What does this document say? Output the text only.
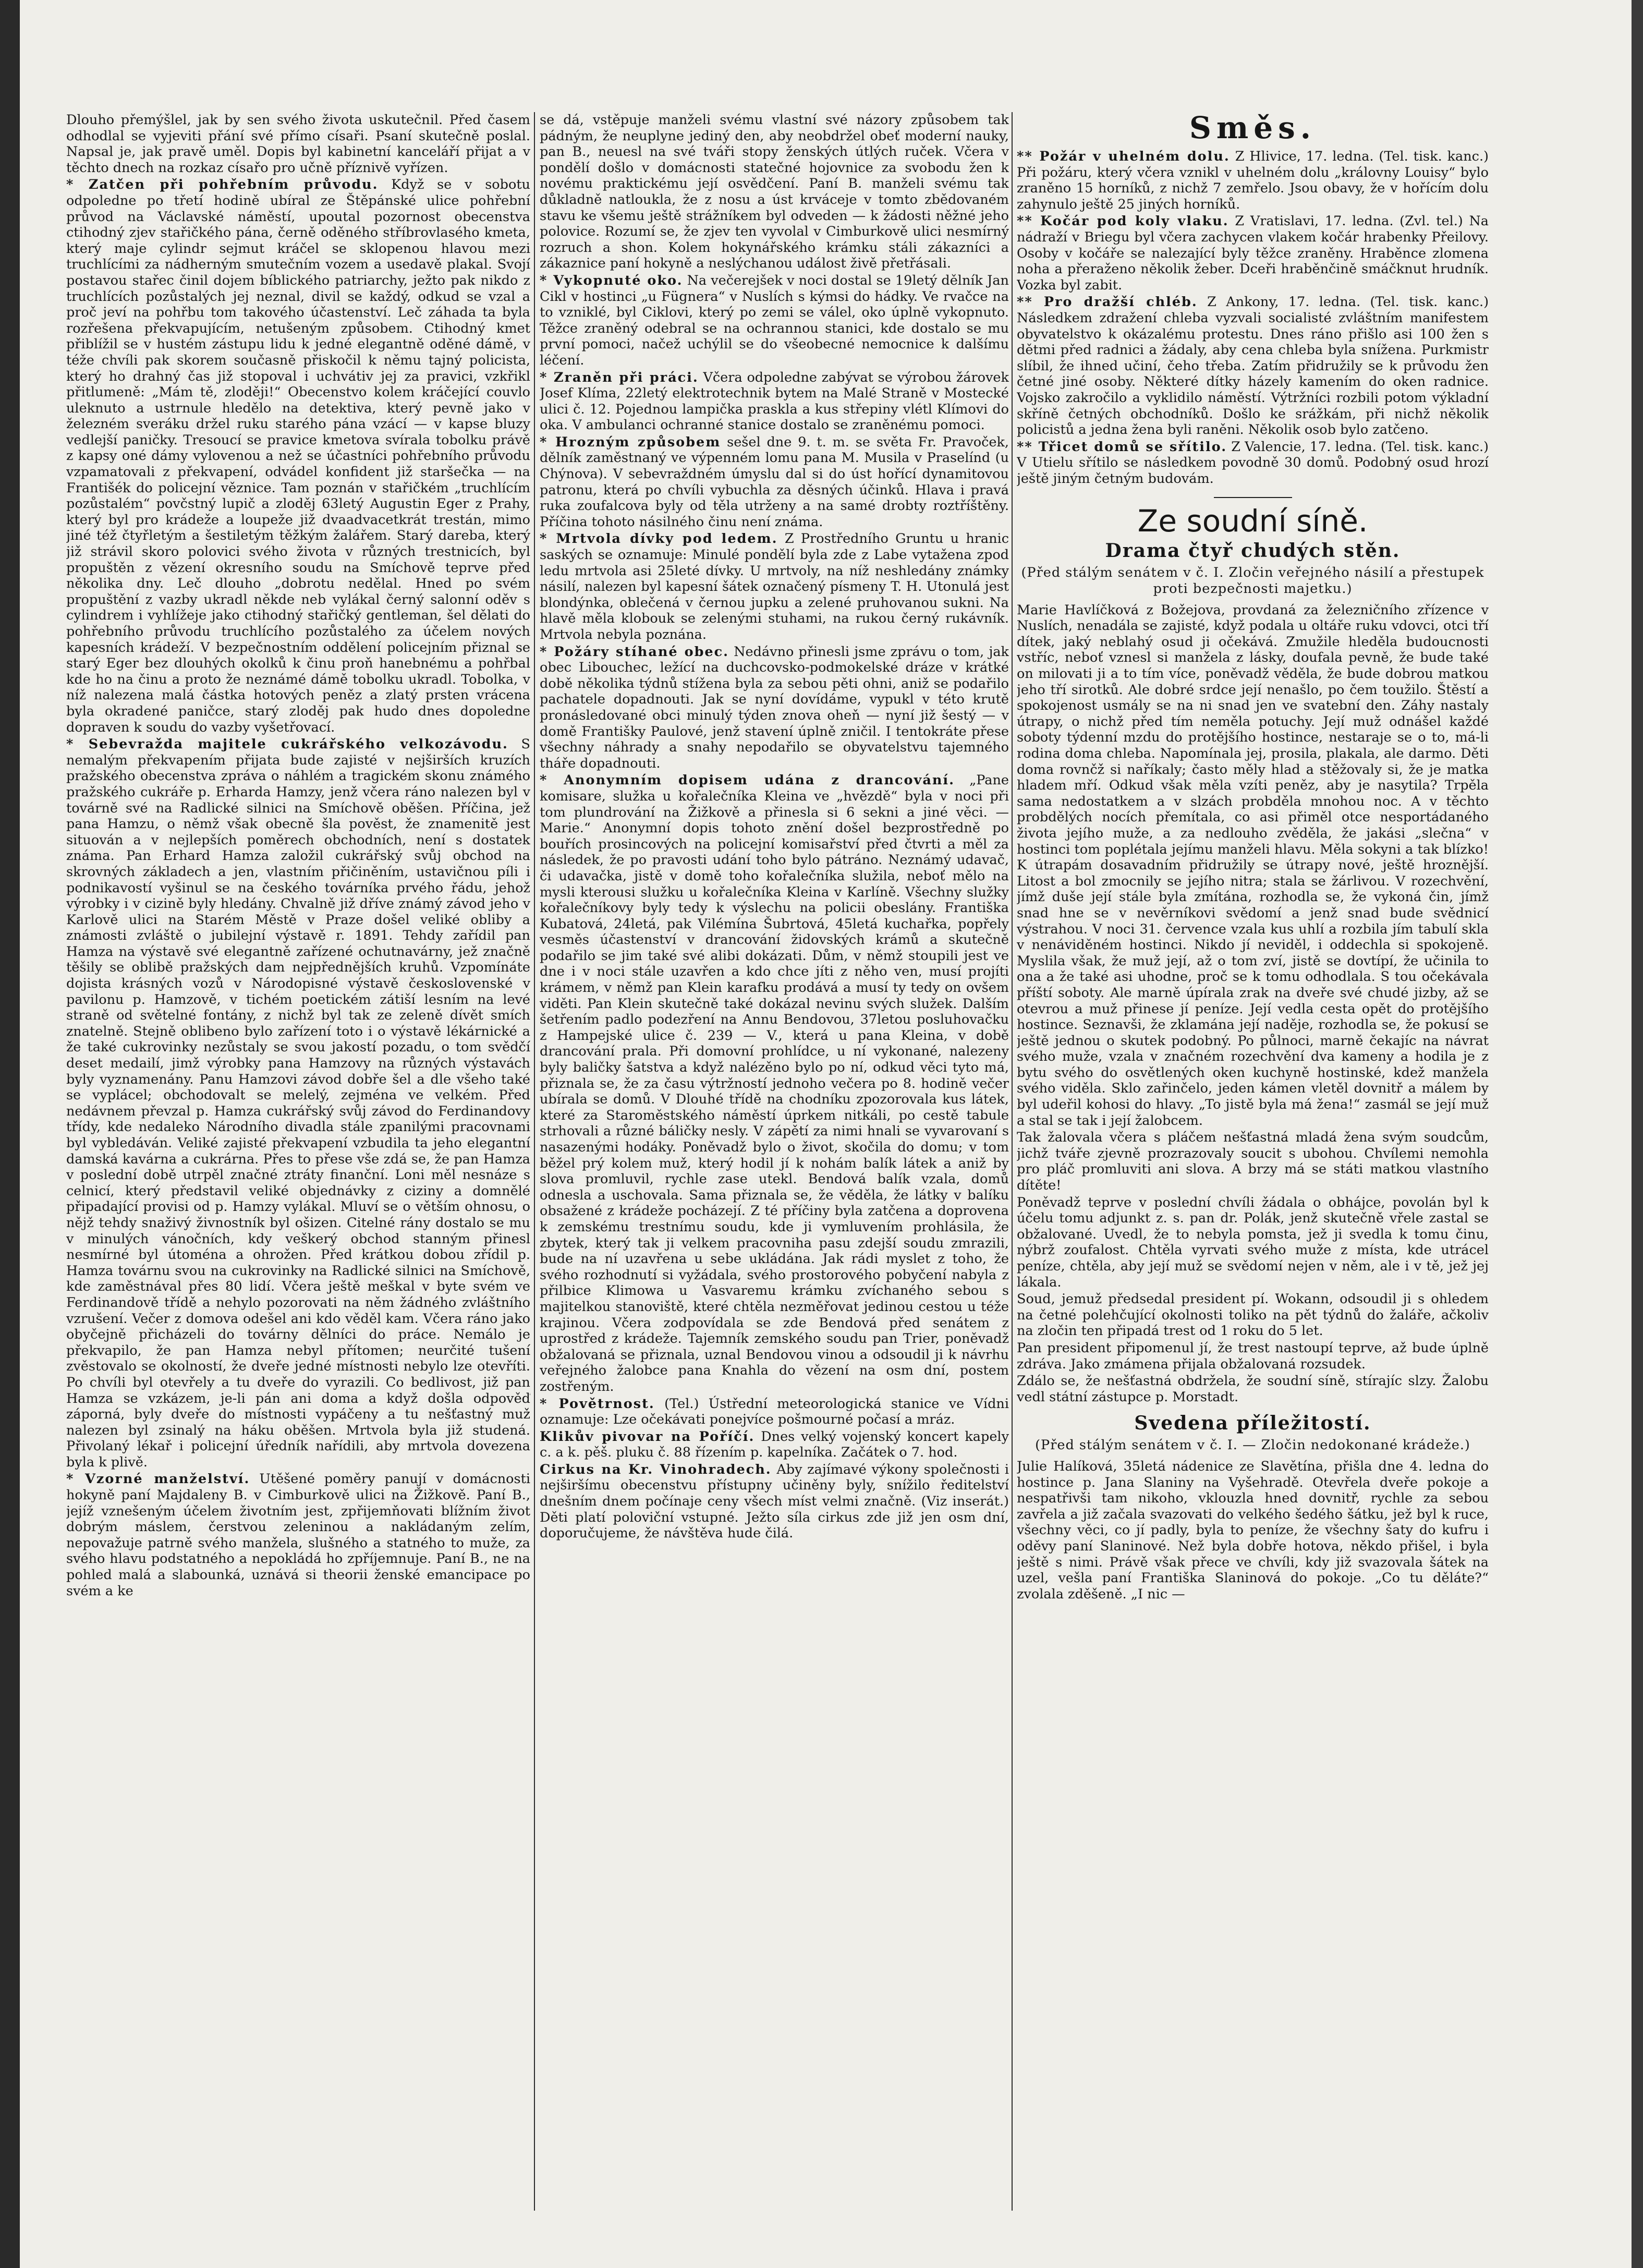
Dlouho přemýšlel, jak by sen svého života uskutečnil. Před časem odhodlal se vyjeviti přání své přímo císaři. Psaní skutečně poslal. Napsal je, jak pravě uměl. Dopis byl kabinetní kanceláří přijat a v těchto dnech na rozkaz císařo pro učně příznivě vyřízen.

* Zatčen při pohřebním průvodu. Když se v sobotu odpoledne po třetí hodině ubíral ze Štěpánské ulice pohřební průvod na Václavské náměstí, upoutal pozornost obecenstva ctihodný zjev stařičkého pána, černě oděného stříbrovlasého kmeta, který maje cylindr sejmut kráčel se sklopenou hlavou mezi truchlícími za nádherným smutečním vozem a usedavě plakal. Svojí postavou stařec činil dojem bíblického patriarchy, ježto pak nikdo z truchlících pozůstalých jej neznal, divil se každý, odkud se vzal a proč jeví na pohřbu tom takového účastenství. Leč záhada ta byla rozřešena překvapujícím, netušeným způsobem. Ctihodný kmet přiblížil se v hustém zástupu lidu k jedné elegantně oděné dámě, v téže chvíli pak skorem současně přiskočil k němu tajný policista, který ho drahný čas již stopoval i uchvátiv jej za pravici, vzkřikl přitlumeně: „Mám tě, zloději!“ Obecenstvo kolem kráčející couvlo uleknuto a ustrnule hledělo na detektiva, který pevně jako v železném sveráku držel ruku starého pána vzácí — v kapse bluzy vedlejší paničky. Tresoucí se pravice kmetova svírala tobolku právě z kapsy oné dámy vylovenou a než se účastníci pohřebního průvodu vzpamatovali z překvapení, odvádel konfident již staršečka — na Františék do policejní věznice. Tam poznán v stařičkém „truchlícím pozůstalém“ povčstný lupič a zloděj 63letý Augustin Eger z Prahy, který byl pro krádeže a loupeže již dvaadvacetkrát trestán, mimo jiné též čtyřletým a šestiletým těžkým žalářem. Starý dareba, který již strávil skoro polovici svého života v různých trestnicích, byl propuštěn z vězení okresního soudu na Smíchově teprve před několika dny. Leč dlouho „dobrotu nedělal. Hned po svém propuštění z vazby ukradl někde neb vylákal černý salonní oděv s cylindrem i vyhlížeje jako ctihodný stařičký gentleman, šel dělati do pohřebního průvodu truchlícího pozůstalého za účelem nových kapesních krádeží. V bezpečnostním oddělení policejním přiznal se starý Eger bez dlouhých okolků k činu proň hanebnému a pohřbal kde ho na činu a proto že neznámé dámě tobolku ukradl. Tobolka, v níž nalezena malá částka hotových peněz a zlatý prsten vrácena byla okradené paničce, starý zloděj pak hudo dnes dopoledne dopraven k soudu do vazby vyšetřovací.

* Sebevražda majitele cukrářského velkozávodu. S nemalým překvapením přijata bude zajisté v nejširších kruzích pražského obecenstva zpráva o náhlém a tragickém skonu známého pražského cukráře p. Erharda Hamzy, jenž včera ráno nalezen byl v továrně své na Radlické silnici na Smíchově oběšen. Příčina, jež pana Hamzu, o němž však obecně šla pověst, že znamenitě jest situován a v nejlepších poměrech obchodních, není s dostatek známa. Pan Erhard Hamza založil cukrářský svůj obchod na skrovných základech a jen, vlastním přičiněním, ustavičnou píli i podnikavostí vyšinul se na českého továrníka prvého řádu, jehož výrobky i v cizině byly hledány. Chvalně již dříve známý závod jeho v Karlově ulici na Starém Městě v Praze došel veliké obliby a známosti zvláště o jubilejní výstavě r. 1891. Tehdy zařídil pan Hamza na výstavě své elegantně zařízené ochutnavárny, jež značně těšily se oblibě pražských dam nejpřednějších kruhů. Vzpomínáte dojista krásných vozů v Národopisné výstavě československé v pavilonu p. Hamzově, v tichém poetickém zátiší lesním na levé straně od světelné fontány, z nichž byl tak ze zeleně dívět smích znatelně. Stejně oblibeno bylo zařízení toto i o výstavě lékárnické a že také cukrovinky nezůstaly se svou jakostí pozadu, o tom svědčí deset medailí, jimž výrobky pana Hamzovy na různých výstavách byly vyznamenány. Panu Hamzovi závod dobře šel a dle všeho také se vyplácel; obchodovalt se melelý, zejména ve velkém. Před nedávnem převzal p. Hamza cukrářský svůj závod do Ferdinandovy třídy, kde nedaleko Národního divadla stále zpanilými pracovnami byl vybledáván. Veliké zajisté překvapení vzbudila ta jeho elegantní damská kavárna a cukrárna. Přes to přese vše zdá se, že pan Hamza v poslední době utrpěl značné ztráty finanční. Loni měl nesnáze s celnicí, který představil veliké objednávky z ciziny a domnělé připadající provisi od p. Hamzy vylákal. Mluví se o větším ohnosu, o nějž tehdy snaživý živnostník byl ošizen. Citelné rány dostalo se mu v minulých vánočních, kdy veškerý obchod stanným přinesl nesmírné byl útoména a ohrožen. Před krátkou dobou zřídil p. Hamza továrnu svou na cukrovinky na Radlické silnici na Smíchově, kde zaměstnával přes 80 lidí. Včera ještě meškal v byte svém ve Ferdinandově třídě a nehylo pozorovati na něm žádného zvláštního vzrušení. Večer z domova odešel ani kdo věděl kam. Včera ráno jako obyčejně přicházeli do továrny dělníci do práce. Nemálo je překvapilo, že pan Hamza nebyl přítomen; neurčité tušení zvěstovalo se okolností, že dveře jedné místnosti nebylo lze otevříti. Po chvíli byl otevřely a tu dveře do vyrazili. Co bedlivost, již pan Hamza se vzkázem, je-li pán ani doma a když došla odpověď záporná, byly dveře do místnosti vypáčeny a tu nešťastný muž nalezen byl zsinalý na háku oběšen. Mrtvola byla již studená. Přivolaný lékař i policejní úředník nařídili, aby mrtvola dovezena byla k plivě.

* Vzorné manželství. Utěšené poměry panují v domácnosti hokyně paní Majdaleny B. v Cimburkově ulici na Žižkově. Paní B., jejíž vznešeným účelem životním jest, zpřijemňovati blížním život dobrým máslem, čerstvou zeleninou a nakládaným zelím, nepovažuje patrně svého manžela, slušného a statného to muže, za svého hlavu podstatného a nepokládá ho zpříjemnuje. Paní B., ne na pohled malá a slabounká, uznává si theorii ženské emancipace po svém a ke

se dá, vstěpuje manželi svému vlastní své názory způsobem tak pádným, že neuplyne jediný den, aby neobdržel obeť moderní nauky, pan B., neuesl na své tváři stopy ženských útlých ruček. Včera v pondělí došlo v domácnosti statečné hojovnice za svobodu žen k novému praktickému její osvědčení. Paní B. manželi svému tak důkladně natloukla, že z nosu a úst krváceje v tomto zbědovaném stavu ke všemu ještě strážníkem byl odveden — k žádosti něžné jeho polovice. Rozumí se, že zjev ten vyvolal v Cimburkově ulici nesmírný rozruch a shon. Kolem hokynářského krámku stáli zákazníci a zákaznice paní hokyně a neslýchanou událost živě přetřásali.

* Vykopnuté oko. Na večerejšek v noci dostal se 19letý dělník Jan Cikl v hostinci „u Fügnera“ v Nuslích s kýmsi do hádky. Ve rvačce na to vzniklé, byl Ciklovi, který po zemi se válel, oko úplně vykopnuto. Těžce zraněný odebral se na ochrannou stanici, kde dostalo se mu první pomoci, načež uchýlil se do všeobecné nemocnice k dalšímu léčení.

* Zraněn při práci. Včera odpoledne zabývat se výrobou žárovek Josef Klíma, 22letý elektrotechnik bytem na Malé Straně v Mostecké ulici č. 12. Pojednou lampička praskla a kus střepiny vlétl Klímovi do oka. V ambulanci ochranné stanice dostalo se zraněnému pomoci.

* Hrozným způsobem sešel dne 9. t. m. se světa Fr. Pravoček, dělník zaměstnaný ve výpenném lomu pana M. Musila v Praselínd (u Chýnova). V sebevraždném úmyslu dal si do úst hořící dynamitovou patronu, která po chvíli vybuchla za děsných účinků. Hlava i pravá ruka zoufalcova byly od těla utrženy a na samé drobty roztříštěny. Příčina tohoto násilného činu není známa.

* Mrtvola dívky pod ledem. Z Prostředního Gruntu u hranic saských se oznamuje: Minulé pondělí byla zde z Labe vytažena zpod ledu mrtvola asi 25leté dívky. U mrtvoly, na níž neshledány známky násilí, nalezen byl kapesní šátek označený písmeny T. H. Utonulá jest blondýnka, oblečená v černou jupku a zelené pruhovanou sukni. Na hlavě měla klobouk se zelenými stuhami, na rukou černý rukávník. Mrtvola nebyla poznána.

* Požáry stíhané obec. Nedávno přinesli jsme zprávu o tom, jak obec Libouchec, ležící na duchcovsko-podmokelské dráze v krátké době několika týdnů stížena byla za sebou pěti ohni, aniž se podařilo pachatele dopadnouti. Jak se nyní dovídáme, vypukl v této krutě pronásledované obci minulý týden znova oheň — nyní již šestý — v domě Františky Paulové, jenž stavení úplně zničil. I tentokráte přese všechny náhrady a snahy nepodařilo se obyvatelstvu tajemného tháře dopadnouti.

* Anonymním dopisem udána z drancování. „Pane komisare, služka u kořalečníka Kleina ve „hvězdě“ byla v noci při tom plundrování na Žižkově a přinesla si 6 sekni a jiné věci. — Marie.“ Anonymní dopis tohoto znění došel bezprostředně po bouřích prosincových na policejní komisařství před čtvrti a měl za následek, že po pravosti udání toho bylo pátráno. Neznámý udavač, či udavačka, jistě v domě toho kořalečníka služila, neboť mělo na mysli kterousi služku u kořalečníka Kleina v Karlíně. Všechny služky kořalečníkovy byly tedy k výslechu na policii obeslány. Františka Kubatová, 24letá, pak Vilémína Šubrtová, 45letá kuchařka, popřely vesměs účastenství v drancování židovských krámů a skutečně podařilo se jim také své alibi dokázati. Dům, v němž stoupili jest ve dne i v noci stále uzavřen a kdo chce jíti z něho ven, musí projíti krámem, v němž pan Klein karafku prodává a musí ty tedy on ovšem viděti. Pan Klein skutečně také dokázal nevinu svých služek. Dalším šetřením padlo podezření na Annu Bendovou, 37letou posluhovačku z Hampejské ulice č. 239 — V., která u pana Kleina, v době drancování prala. Při domovní prohlídce, u ní vykonané, nalezeny byly baličky šatstva a když nalézěno bylo po ní, odkud věci tyto má, přiznala se, že za času výtržností jednoho večera po 8. hodině večer ubírala se domů. V Dlouhé třídě na chodníku zpozorovala kus látek, které za Staroměstského náměstí úprkem nitkáli, po cestě tabule strhovali a různé báličky nesly. V zápětí za nimi hnali se vyvarovaní s nasazenými hodáky. Poněvadž bylo o život, skočila do domu; v tom běžel prý kolem muž, který hodil jí k nohám balík látek a aniž by slova promluvil, rychle zase utekl. Bendová balík vzala, domů odnesla a uschovala. Sama přiznala se, že věděla, že látky v balíku obsažené z krádeže pocházejí. Z té příčiny byla zatčena a doprovena k zemskému trestnímu soudu, kde ji vymluvením prohlásila, že zbytek, který tak ji velkem pracovniha pasu zdejší soudu zmrazili, bude na ní uzavřena u sebe ukládána. Jak rádi myslet z toho, že svého rozhodnutí si vyžádala, svého prostorového pobyčení nabyla z přilbice Klimowa u Vasvaremu krámku zvíchaného sebou s majitelkou stanoviště, které chtěla nezměřovat jedinou cestou u téže krajinou. Včera zodpovídala se zde Bendová před senátem z uprostřed z krádeže. Tajemník zemského soudu pan Trier, poněvadž obžalovaná se přiznala, uznal Bendovou vinou a odsoudil ji k návrhu veřejného žalobce pana Knahla do vězení na osm dní, postem zostřeným.

* Povětrnost. (Tel.) Ústřední meteorologická stanice ve Vídni oznamuje: Lze očekávati ponejvíce pošmourné počasí a mráz.

Klikův pivovar na Poříčí. Dnes velký vojenský koncert kapely c. a k. pěš. pluku č. 88 řízením p. kapelníka. Začátek o 7. hod.

Cirkus na Kr. Vinohradech. Aby zajímavé výkony společnosti i nejširšímu obecenstvu přístupny učiněny byly, snížilo ředitelství dnešním dnem počínaje ceny všech míst velmi značně. (Viz inserát.) Děti platí poloviční vstupné. Ježto síla cirkus zde již jen osm dní, doporučujeme, že návštěva hude čilá.

Směs.

** Požár v uhelném dolu. Z Hlivice, 17. ledna. (Tel. tisk. kanc.) Při požáru, který včera vznikl v uhelném dolu „královny Louisy“ bylo zraněno 15 horníků, z nichž 7 zemřelo. Jsou obavy, že v hořícím dolu zahynulo ještě 25 jiných horníků.

** Kočár pod koly vlaku. Z Vratislavi, 17. ledna. (Zvl. tel.) Na nádraží v Briegu byl včera zachycen vlakem kočár hrabenky Přeilovy. Osoby v kočáře se nalezající byly těžce zraněny. Hraběnce zlomena noha a přeraženo několik žeber. Dceři hraběnčině smáčknut hrudník. Vozka byl zabit.

** Pro dražší chléb. Z Ankony, 17. ledna. (Tel. tisk. kanc.) Následkem zdražení chleba vyzvali socialisté zvláštním manifestem obyvatelstvo k okázalému protestu. Dnes ráno přišlo asi 100 žen s dětmi před radnici a žádaly, aby cena chleba byla snížena. Purkmistr slíbil, že ihned učiní, čeho třeba. Zatím přidružily se k průvodu žen četné jiné osoby. Některé dítky házely kamením do oken radnice. Vojsko zakročilo a vyklidilo náměstí. Výtržníci rozbili potom výkladní skříně četných obchodníků. Došlo ke srážkám, při nichž několik policistů a jedna žena byli raněni. Několik osob bylo zatčeno.

** Třicet domů se sřítilo. Z Valencie, 17. ledna. (Tel. tisk. kanc.) V Utielu sřítilo se následkem povodně 30 domů. Podobný osud hrozí ještě jiným četným budovám.

Ze soudní síně.
Drama čtyř chudých stěn.
(Před stálým senátem v č. I. Zločin veřejného násilí a přestupek proti bezpečnosti majetku.)

Marie Havlíčková z Božejova, provdaná za železničního zřízence v Nuslích, nenadála se zajisté, když podala u oltáře ruku vdovci, otci tří dítek, jaký neblahý osud ji očekává. Zmužile hleděla budoucnosti vstříc, neboť vznesl si manžela z lásky, doufala pevně, že bude také on milovati ji a to tím více, poněvadž věděla, že bude dobrou matkou jeho tří sirotků. Ale dobré srdce její nenašlo, po čem toužilo. Štěstí a spokojenost usmály se na ni snad jen ve svatební den. Záhy nastaly útrapy, o nichž před tím neměla potuchy. Její muž odnášel každé soboty týdenní mzdu do protějšího hostince, nestaraje se o to, má-li rodina doma chleba. Napomínala jej, prosila, plakala, ale darmo. Děti doma rovnčž si naříkaly; často měly hlad a stěžovaly si, že je matka hladem mří. Odkud však měla vzíti peněz, aby je nasytila? Trpěla sama nedostatkem a v slzách probděla mnohou noc. A v těchto probdělých nocích přemítala, co asi přiměl otce nesportádaného života jejího muže, a za nedlouho zvěděla, že jakási „slečna“ v hostinci tom poplétala jejímu manželi hlavu. Měla sokyni a tak blízko! K útrapám dosavadním přidružily se útrapy nové, ještě hroznější. Litost a bol zmocnily se jejího nitra; stala se žárlivou. V rozechvění, jímž duše její stále byla zmítána, rozhodla se, že vykoná čin, jímž snad hne se v nevěrníkovi svědomí a jenž snad bude svědnicí výstrahou. V noci 31. července vzala kus uhlí a rozbila jím tabulí skla v nenáviděném hostinci. Nikdo jí neviděl, i oddechla si spokojeně. Myslila však, že muž její, až o tom zví, jistě se dovtípí, že učinila to ona a že také asi uhodne, proč se k tomu odhodlala. S tou očekávala příští soboty. Ale marně úpírala zrak na dveře své chudé jizby, až se otevrou a muž přinese jí peníze. Její vedla cesta opět do protějšího hostince. Seznavši, že zklamána její naděje, rozhodla se, že pokusí se ještě jednou o skutek podobný. Po půlnoci, marně čekajíc na návrat svého muže, vzala v značném rozechvění dva kameny a hodila je z bytu svého do osvětlených oken kuchyně hostinské, kdež manžela svého viděla. Sklo zařinčelo, jeden kámen vletěl dovnitř a málem by byl udeřil kohosi do hlavy. „To jistě byla má žena!“ zasmál se její muž a stal se tak i její žalobcem.

Tak žalovala včera s pláčem nešťastná mladá žena svým soudcům, jichž tváře zjevně prozrazovaly soucit s ubohou. Chvílemi nemohla pro pláč promluviti ani slova. A brzy má se státi matkou vlastního dítěte!

Poněvadž teprve v poslední chvíli žádala o obhájce, povolán byl k účelu tomu adjunkt z. s. pan dr. Polák, jenž skutečně vřele zastal se obžalované. Uvedl, že to nebyla pomsta, jež ji svedla k tomu činu, nýbrž zoufalost. Chtěla vyrvati svého muže z místa, kde utrácel peníze, chtěla, aby její muž se svědomí nejen v něm, ale i v tě, jež jej lákala.

Soud, jemuž předsedal president pí. Wokann, odsoudil ji s ohledem na četné polehčující okolnosti toliko na pět týdnů do žaláře, ačkoliv na zločin ten připadá trest od 1 roku do 5 let.

Pan president připomenul jí, že trest nastoupí teprve, až bude úplně zdráva. Jako zmámena přijala obžalovaná rozsudek.

Zdálo se, že nešťastná obdržela, že soudní síně, stírajíc slzy. Žalobu vedl státní zástupce p. Morstadt.

Svedena příležitostí.
(Před stálým senátem v č. I. — Zločin nedokonané krádeže.)

Julie Halíková, 35letá nádenice ze Slavětína, přišla dne 4. ledna do hostince p. Jana Slaniny na Vyšehradě. Otevřela dveře pokoje a nespatřivši tam nikoho, vklouzla hned dovnitř, rychle za sebou zavřela a již začala svazovati do velkého šedého šátku, jež byl k ruce, všechny věci, co jí padly, byla to peníze, že všechny šaty do kufru i oděvy paní Slaninové. Než byla dobře hotova, někdo přišel, i byla ještě s nimi. Právě však přece ve chvíli, kdy již svazovala šátek na uzel, vešla paní Františka Slaninová do pokoje. „Co tu děláte?“ zvolala zděšeně. „I nic —
